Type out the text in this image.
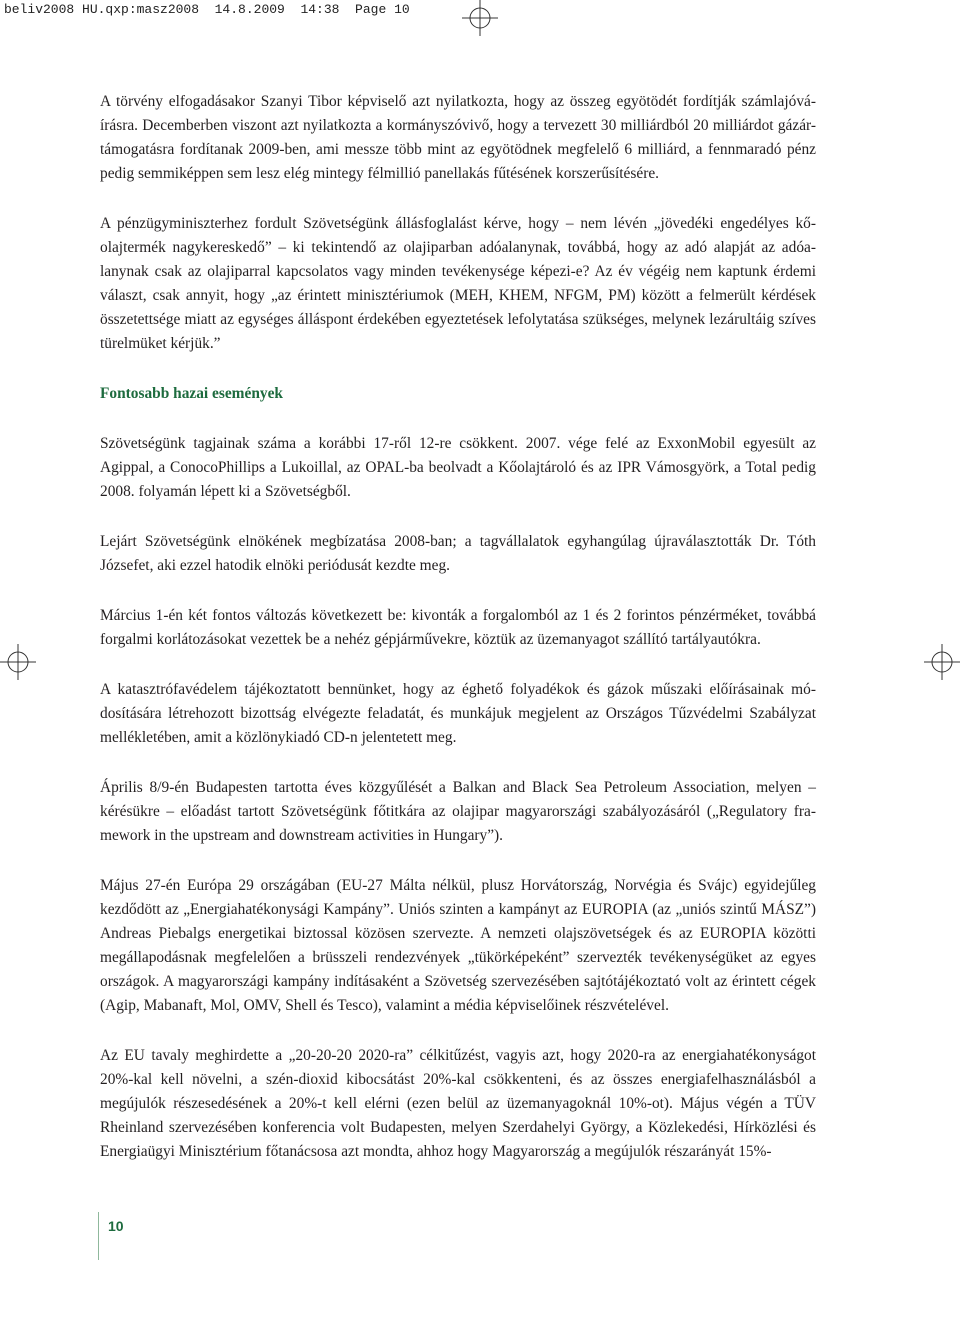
beliv2008 HU.qxp:masz2008  14.8.2009  14:38  Page 10

A törvény elfogadásakor Szanyi Tibor képviselő azt nyilatkozta, hogy az összeg egyötödét fordítják számlajóváírásra. Decemberben viszont azt nyilatkozta a kormányszóvivő, hogy a tervezett 30 milliárdból 20 milliárdot gázár-támogatásra fordítanak 2009-ben, ami messze több mint az egyötödnek megfelelő 6 milliárd, a fennmaradó pénz pedig semmiképpen sem lesz elég mintegy félmillió panellakás fűtésének korszerűsítésére.

A pénzügyminiszterhez fordult Szövetségünk állásfoglalást kérve, hogy – nem lévén „jövedéki engedélyes kőolajtermék nagykereskedő” – ki tekintendő az olajiparban adóalanynak, továbbá, hogy az adó alapját az adóalanynak csak az olajiparral kapcsolatos vagy minden tevékenysége képezi-e? Az év végéig nem kaptunk érdemi választ, csak annyit, hogy „az érintett minisztériumok (MEH, KHEM, NFGM, PM) között a felmerült kérdések összetettsége miatt az egységes álláspont érdekében egyeztetések lefolytatása szükséges, melynek lezárultáig szíves türelmüket kérjük.”

Fontosabb hazai események

Szövetségünk tagjainak száma a korábbi 17-ről 12-re csökkent. 2007. vége felé az ExxonMobil egyesült az Agippal, a ConocoPhillips a Lukoillal, az OPAL-ba beolvadt a Kőolajtároló és az IPR Vámosgyörk, a Total pedig 2008. folyamán lépett ki a Szövetségből.

Lejárt Szövetségünk elnökének megbízatása 2008-ban; a tagvállalatok egyhangúlag újraválasztották Dr. Tóth Józsefet, aki ezzel hatodik elnöki periódusát kezdte meg.

Március 1-én két fontos változás következett be: kivonták a forgalomból az 1 és 2 forintos pénzérméket, továbbá forgalmi korlátozásokat vezettek be a nehéz gépjárművekre, köztük az üzemanyagot szállító tartályautókra.

A katasztrófavédelem tájékoztatott bennünket, hogy az éghető folyadékok és gázok műszaki előírásainak módosítására létrehozott bizottság elvégezte feladatát, és munkájuk megjelent az Országos Tűzvédelmi Szabályzat mellékletében, amit a közlönykiadó CD-n jelentetett meg.

Április 8/9-én Budapesten tartotta éves közgyűlését a Balkan and Black Sea Petroleum Association, melyen – kérésükre – előadást tartott Szövetségünk főtitkára az olajipar magyarországi szabályozásáról („Regulatory framework in the upstream and downstream activities in Hungary”).

Május 27-én Európa 29 országában (EU-27 Málta nélkül, plusz Horvátország, Norvégia és Svájc) egyidejűleg kezdődött az „Energiahatékonysági Kampány”. Uniós szinten a kampányt az EUROPIA (az „uniós szintű MÁSZ”) Andreas Piebalgs energetikai biztossal közösen szervezte. A nemzeti olajszövetségek és az EUROPIA közötti megállapodásnak megfelelően a brüsszeli rendezvények „tükörképeként” szervezték tevékenységüket az egyes országok. A magyarországi kampány indításaként a Szövetség szervezésében sajtótájékoztató volt az érintett cégek (Agip, Mabanaft, Mol, OMV, Shell és Tesco), valamint a média képviselőinek részvételével.

Az EU tavaly meghirdette a „20-20-20 2020-ra” célkitűzést, vagyis azt, hogy 2020-ra az energiahatékonyságot 20%-kal kell növelni, a szén-dioxid kibocsátást 20%-kal csökkenteni, és az összes energiafelhasználásból a megújulók részesedésének a 20%-t kell elérni (ezen belül az üzemanyagoknál 10%-ot). Május végén a TÜV Rheinland szervezésében konferencia volt Budapesten, melyen Szerdahelyi György, a Közlekedési, Hírközlési és Energiaügyi Minisztérium főtanácsosa azt mondta, ahhoz hogy Magyarország a megújulók részarányát 15%-

10
